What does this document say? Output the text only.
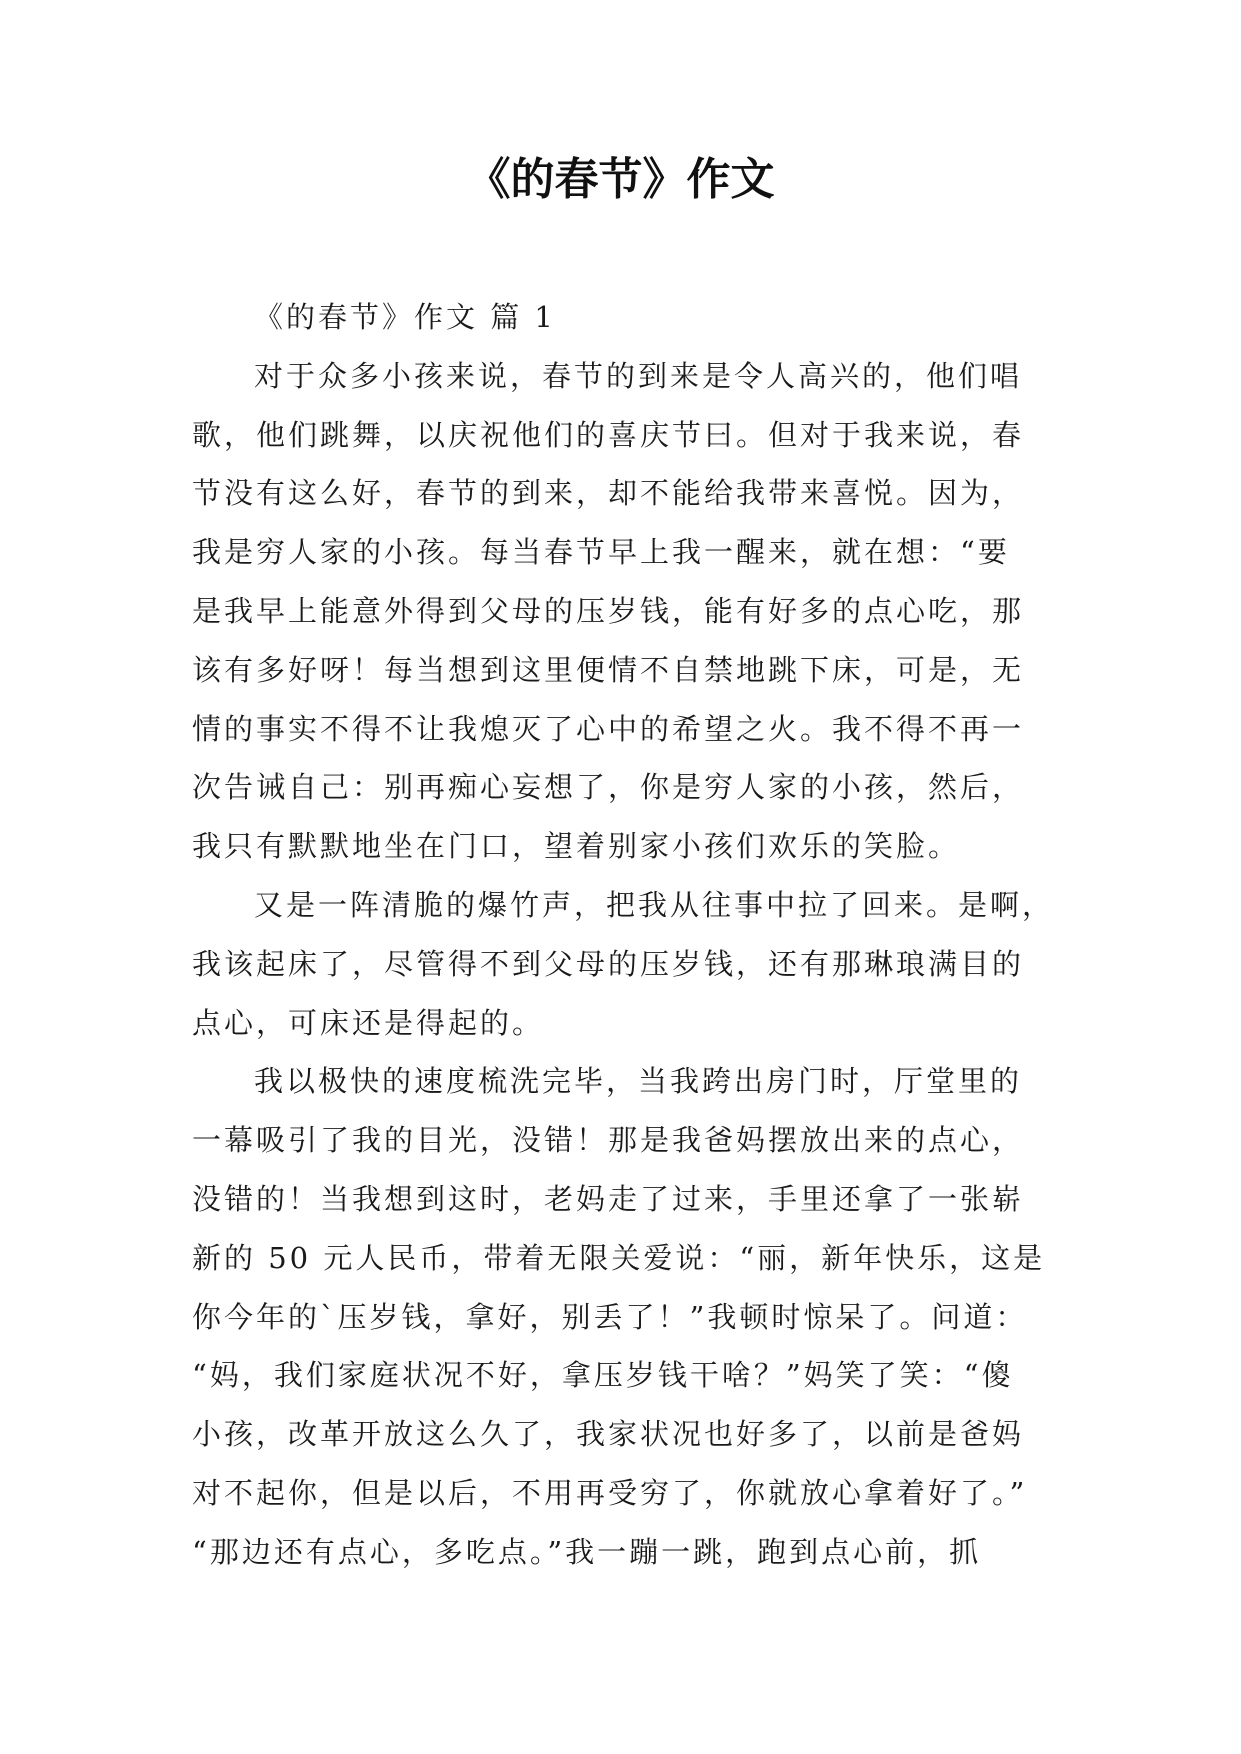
《的春节》作文
《的春节》作文 篇 1
对于众多小孩来说，春节的到来是令人高兴的，他们唱
歌，他们跳舞，以庆祝他们的喜庆节曰。但对于我来说，春
节没有这么好，春节的到来，却不能给我带来喜悦。因为，
我是穷人家的小孩。每当春节早上我一醒来，就在想：“要
是我早上能意外得到父母的压岁钱，能有好多的点心吃，那
该有多好呀！每当想到这里便情不自禁地跳下床，可是，无
情的事实不得不让我熄灭了心中的希望之火。我不得不再一
次告诫自己：别再痴心妄想了，你是穷人家的小孩，然后，
我只有默默地坐在门口，望着别家小孩们欢乐的笑脸。
又是一阵清脆的爆竹声，把我从往事中拉了回来。是啊，
我该起床了，尽管得不到父母的压岁钱，还有那琳琅满目的
点心，可床还是得起的。
我以极快的速度梳洗完毕，当我跨出房门时，厅堂里的
一幕吸引了我的目光，没错！那是我爸妈摆放出来的点心，
没错的！当我想到这时，老妈走了过来，手里还拿了一张崭
新的 50 元人民币，带着无限关爱说：“丽，新年快乐，这是
你今年的`压岁钱，拿好，别丢了！”我顿时惊呆了。问道：
“妈，我们家庭状况不好，拿压岁钱干啥？”妈笑了笑：“傻
小孩，改革开放这么久了，我家状况也好多了，以前是爸妈
对不起你，但是以后，不用再受穷了，你就放心拿着好了。”
“那边还有点心，多吃点。”我一蹦一跳，跑到点心前，抓
